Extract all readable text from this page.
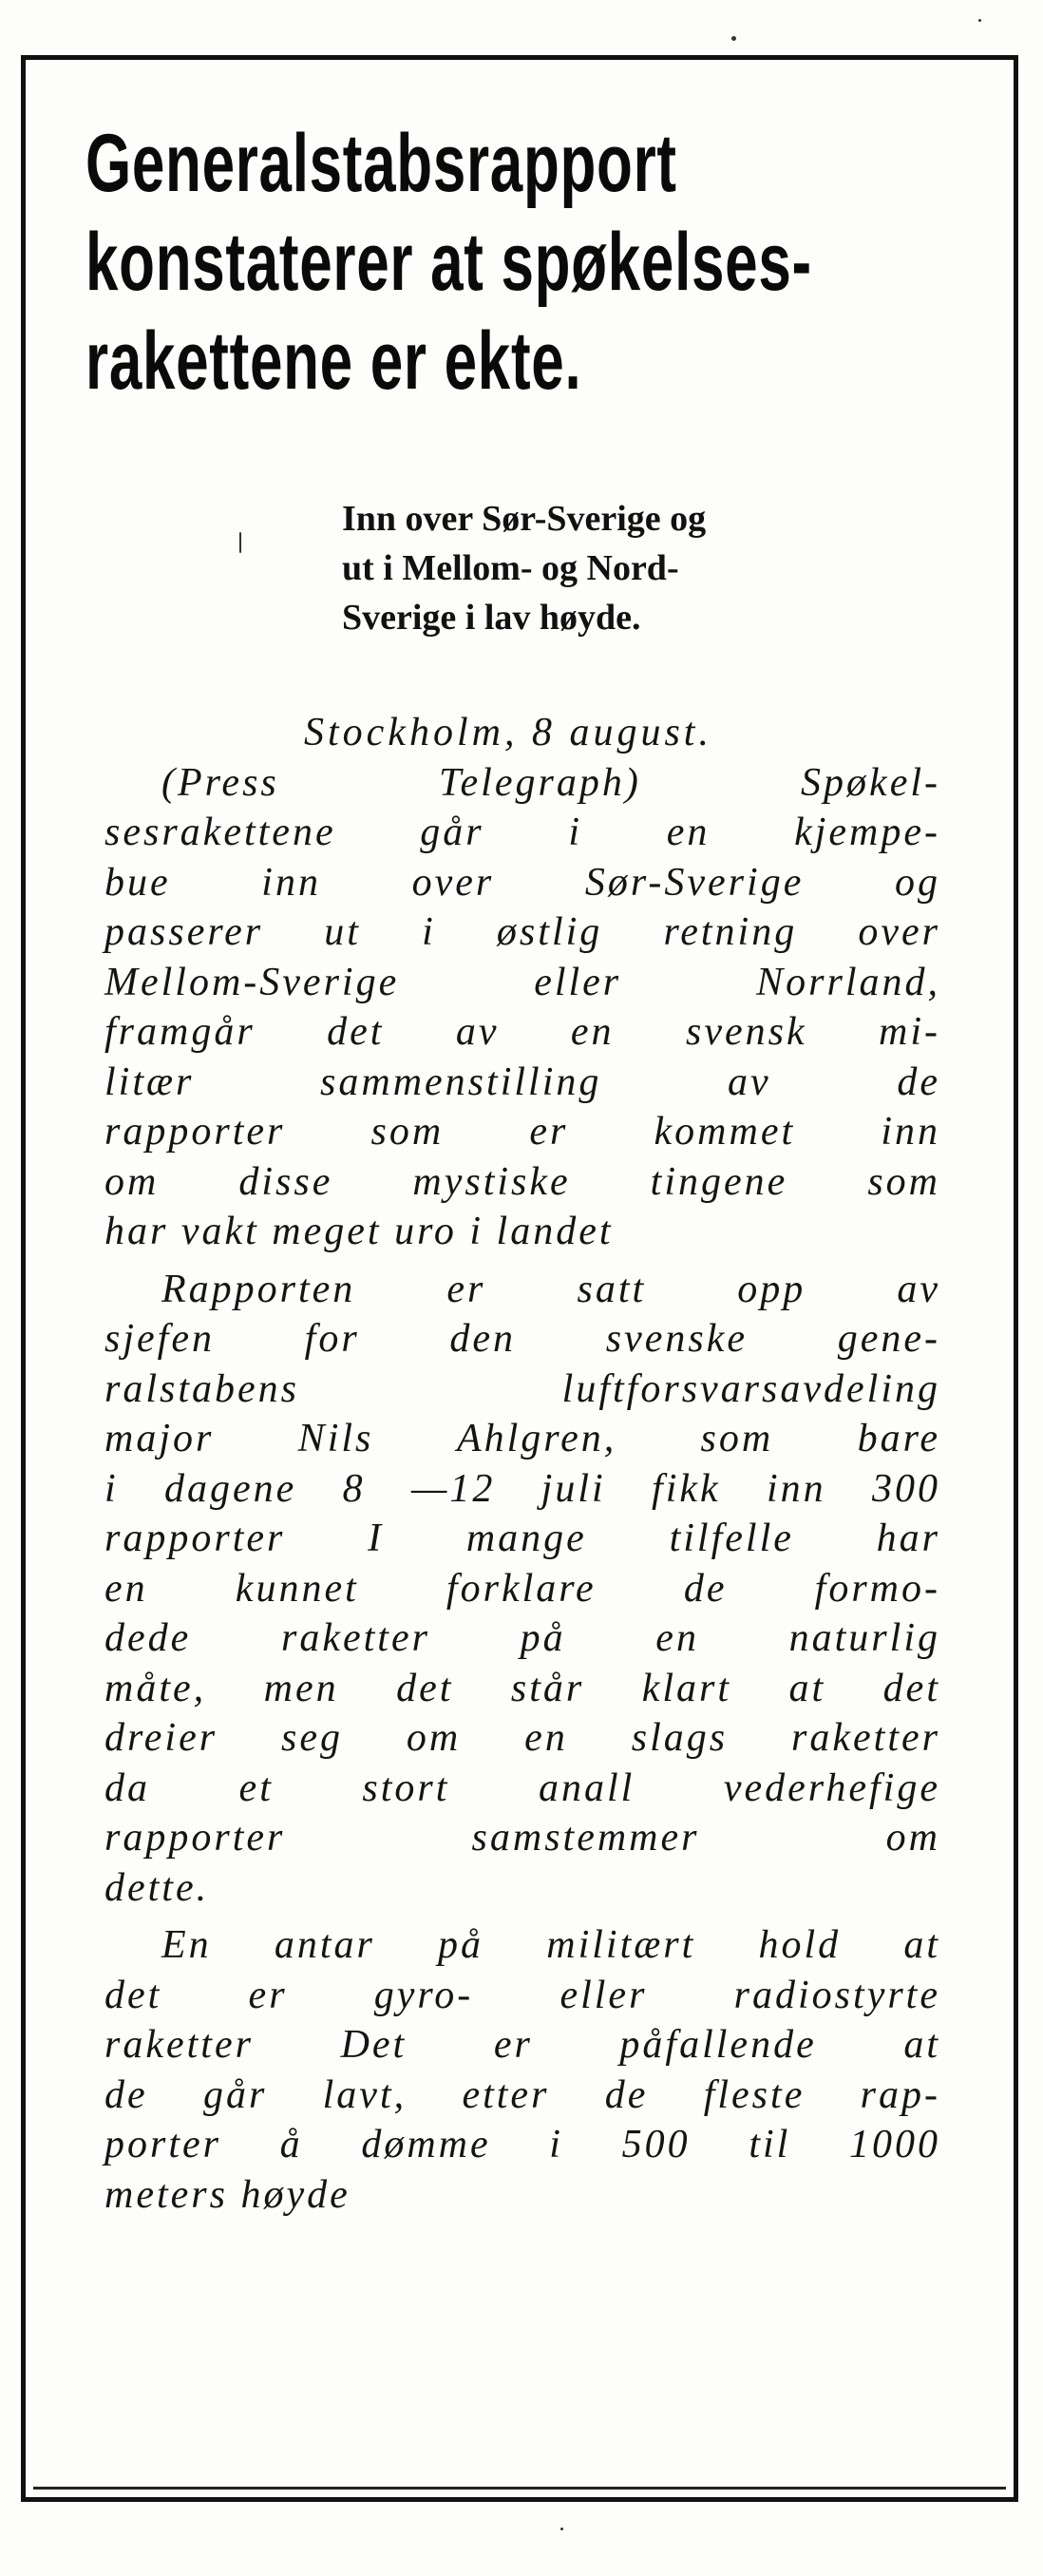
Generalstabsrapport
konstaterer at spøkelses-
rakettene er ekte.
Inn over Sør-Sverige og
ut i Mellom- og Nord-
Sverige i lav høyde.
Stockholm, 8 august.
(Press Telegraph) Spøkel-
sesrakettene går i en kjempe-
bue inn over Sør-Sverige og
passerer ut i østlig retning over
Mellom-Sverige eller Norrland,
framgår det av en svensk mi-
litær sammenstilling av de
rapporter som er kommet inn
om disse mystiske tingene som
har vakt meget uro i landet
Rapporten er satt opp av
sjefen for den svenske gene-
ralstabens luftforsvarsavdeling
major Nils Ahlgren, som bare
i dagene 8 —12 juli fikk inn 300
rapporter I mange tilfelle har
en kunnet forklare de formo-
dede raketter på en naturlig
måte, men det står klart at det
dreier seg om en slags raketter
da et stort anall vederhefige
rapporter samstemmer om
dette.
En antar på militært hold at
det er gyro- eller radiostyrte
raketter Det er påfallende at
de går lavt, etter de fleste rap-
porter å dømme i 500 til 1000
meters høyde
